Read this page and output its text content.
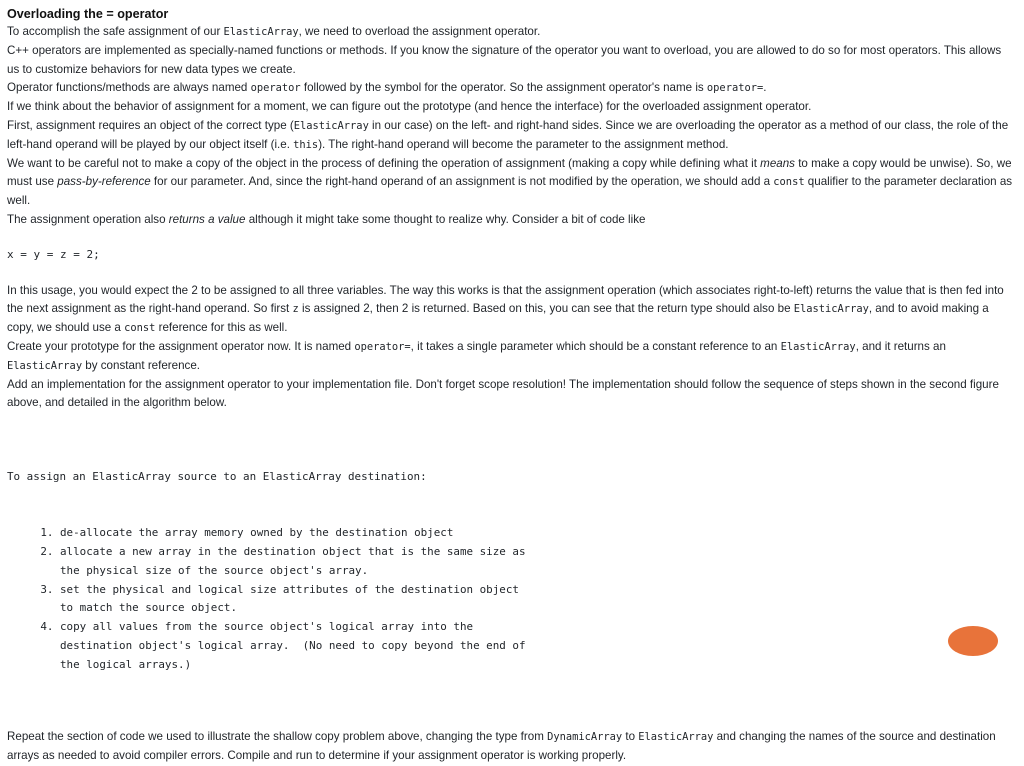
Overloading the = operator

To accomplish the safe assignment of our ElasticArray, we need to overload the assignment operator.

C++ operators are implemented as specially-named functions or methods. If you know the signature of the operator you want to overload, you are allowed to do so for most operators. This allows us to customize behaviors for new data types we create.

Operator functions/methods are always named operator followed by the symbol for the operator. So the assignment operator's name is operator=.

If we think about the behavior of assignment for a moment, we can figure out the prototype (and hence the interface) for the overloaded assignment operator.

First, assignment requires an object of the correct type (ElasticArray in our case) on the left- and right-hand sides. Since we are overloading the operator as a method of our class, the role of the left-hand operand will be played by our object itself (i.e. this). The right-hand operand will become the parameter to the assignment method.

We want to be careful not to make a copy of the object in the process of defining the operation of assignment (making a copy while defining what it means to make a copy would be unwise). So, we must use pass-by-reference for our parameter. And, since the right-hand operand of an assignment is not modified by the operation, we should add a const qualifier to the parameter declaration as well.

The assignment operation also returns a value although it might take some thought to realize why. Consider a bit of code like

x = y = z = 2;

In this usage, you would expect the 2 to be assigned to all three variables. The way this works is that the assignment operation (which associates right-to-left) returns the value that is then fed into the next assignment as the right-hand operand. So first z is assigned 2, then 2 is returned. Based on this, you can see that the return type should also be ElasticArray, and to avoid making a copy, we should use a const reference for this as well.

Create your prototype for the assignment operator now. It is named operator=, it takes a single parameter which should be a constant reference to an ElasticArray, and it returns an ElasticArray by constant reference.

Add an implementation for the assignment operator to your implementation file. Don't forget scope resolution! The implementation should follow the sequence of steps shown in the second figure above, and detailed in the algorithm below.

To assign an ElasticArray source to an ElasticArray destination:

1. de-allocate the array memory owned by the destination object
2. allocate a new array in the destination object that is the same size as
the physical size of the source object's array.
3. set the physical and logical size attributes of the destination object
to match the source object.
4. copy all values from the source object's logical array into the
destination object's logical array.  (No need to copy beyond the end of
the logical arrays.)

Repeat the section of code we used to illustrate the shallow copy problem above, changing the type from DynamicArray to ElasticArray and changing the names of the source and destination arrays as needed to avoid compiler errors. Compile and run to determine if your assignment operator is working properly.
